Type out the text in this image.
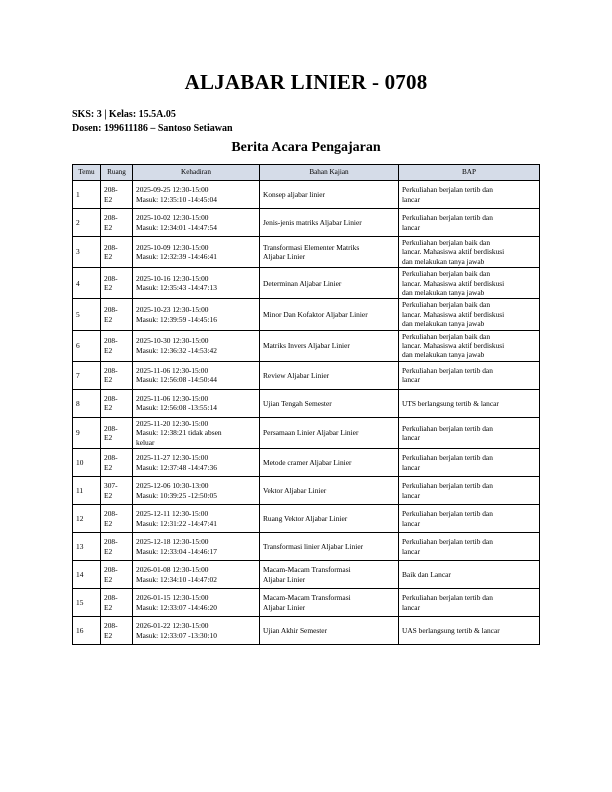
ALJABAR LINIER - 0708
SKS: 3 | Kelas: 15.5A.05
Dosen: 199611186 – Santoso Setiawan
Berita Acara Pengajaran
Temu	Ruang	Kehadiran	Bahan Kajian	BAP
1	208-
E2	2025-09-25 12:30-15:00
Masuk: 12:35:10 -14:45:04	Konsep aljabar linier	Perkuliahan berjalan tertib dan
lancar

2	208-
E2	2025-10-02 12:30-15:00
Masuk: 12:34:01 -14:47:54	Jenis-jenis matriks Aljabar Linier	Perkuliahan berjalan tertib dan
lancar

3	208-
E2	2025-10-09 12:30-15:00
Masuk: 12:32:39 -14:46:41	Transformasi Elementer Matriks
Aljabar Linier	Perkuliahan berjalan baik dan
lancar. Mahasiswa aktif berdiskusi
dan melakukan tanya jawab

4	208-
E2	2025-10-16 12:30-15:00
Masuk: 12:35:43 -14:47:13	Determinan Aljabar Linier	Perkuliahan berjalan baik dan
lancar. Mahasiswa aktif berdiskusi
dan melakukan tanya jawab

5	208-
E2	2025-10-23 12:30-15:00
Masuk: 12:39:59 -14:45:16	Minor Dan Kofaktor Aljabar Linier	Perkuliahan berjalan baik dan
lancar. Mahasiswa aktif berdiskusi
dan melakukan tanya jawab

6	208-
E2	2025-10-30 12:30-15:00
Masuk: 12:36:32 -14:53:42	Matriks Invers Aljabar Linier	Perkuliahan berjalan baik dan
lancar. Mahasiswa aktif berdiskusi
dan melakukan tanya jawab

7	208-
E2	2025-11-06 12:30-15:00
Masuk: 12:56:08 -14:50:44	Review Aljabar Linier	Perkuliahan berjalan tertib dan
lancar

8	208-
E2	2025-11-06 12:30-15:00
Masuk: 12:56:08 -13:55:14	Ujian Tengah Semester	UTS berlangsung tertib & lancar

9	208-
E2	2025-11-20 12:30-15:00
Masuk: 12:38:21 tidak absen
keluar	Persamaan Linier Aljabar Linier	Perkuliahan berjalan tertib dan
lancar

10	208-
E2	2025-11-27 12:30-15:00
Masuk: 12:37:48 -14:47:36	Metode cramer Aljabar Linier	Perkuliahan berjalan tertib dan
lancar

11	307-
E2	2025-12-06 10:30-13:00
Masuk: 10:39:25 -12:50:05	Vektor Aljabar Linier	Perkuliahan berjalan tertib dan
lancar

12	208-
E2	2025-12-11 12:30-15:00
Masuk: 12:31:22 -14:47:41	Ruang Vektor Aljabar Linier	Perkuliahan berjalan tertib dan
lancar

13	208-
E2	2025-12-18 12:30-15:00
Masuk: 12:33:04 -14:46:17	Transformasi linier Aljabar Linier	Perkuliahan berjalan tertib dan
lancar

14	208-
E2	2026-01-08 12:30-15:00
Masuk: 12:34:10 -14:47:02	Macam-Macam Transformasi
Aljabar Linier	Baik dan Lancar

15	208-
E2	2026-01-15 12:30-15:00
Masuk: 12:33:07 -14:46:20	Macam-Macam Transformasi
Aljabar Linier	Perkuliahan berjalan tertib dan
lancar

16	208-
E2	2026-01-22 12:30-15:00
Masuk: 12:33:07 -13:30:10	Ujian Akhir Semester	UAS berlangsung tertib & lancar
